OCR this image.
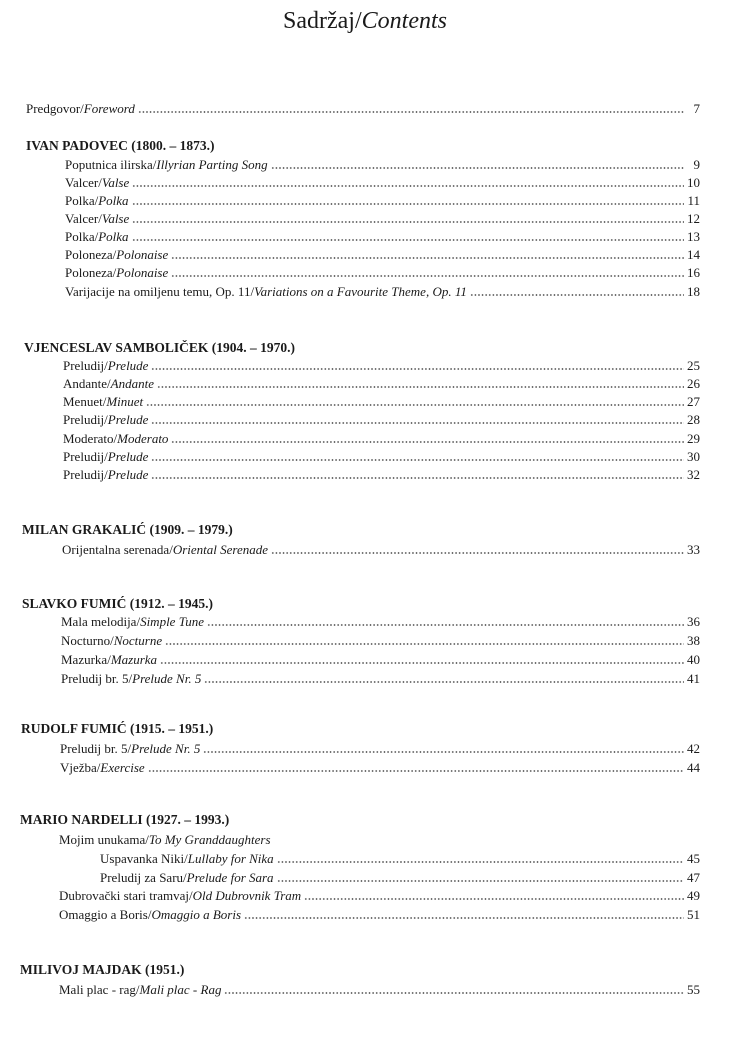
Sadržaj/Contents
Predgovor/Foreword	7
IVAN PADOVEC (1800. – 1873.)
Poputnica ilirska/Illyrian Parting Song	9
Valcer/Valse	10
Polka/Polka	11
Valcer/Valse	12
Polka/Polka	13
Poloneza/Polonaise	14
Poloneza/Polonaise	16
Varijacije na omiljenu temu, Op. 11/Variations on a Favourite Theme, Op. 11	18
VJENCESLAV SAMBOLIČEK (1904. – 1970.)
Preludij/Prelude	25
Andante/Andante	26
Menuet/Minuet	27
Preludij/Prelude	28
Moderato/Moderato	29
Preludij/Prelude	30
Preludij/Prelude	32
MILAN GRAKALIĆ (1909. – 1979.)
Orijentalna serenada/Oriental Serenade	33
SLAVKO FUMIĆ (1912. – 1945.)
Mala melodija/Simple Tune	36
Nocturno/Nocturne	38
Mazurka/Mazurka	40
Preludij br. 5/Prelude Nr. 5	41
RUDOLF FUMIĆ (1915. – 1951.)
Preludij br. 5/Prelude Nr. 5	42
Vježba/Exercise	44
MARIO NARDELLI (1927. – 1993.)
Mojim unukama/To My Granddaughters
Uspavanka Niki/Lullaby for Nika	45
Preludij za Saru/Prelude for Sara	47
Dubrovački stari tramvaj/Old Dubrovnik Tram	49
Omaggio a Boris/Omaggio a Boris	51
MILIVOJ MAJDAK (1951.)
Mali plac - rag/Mali plac - Rag	55
